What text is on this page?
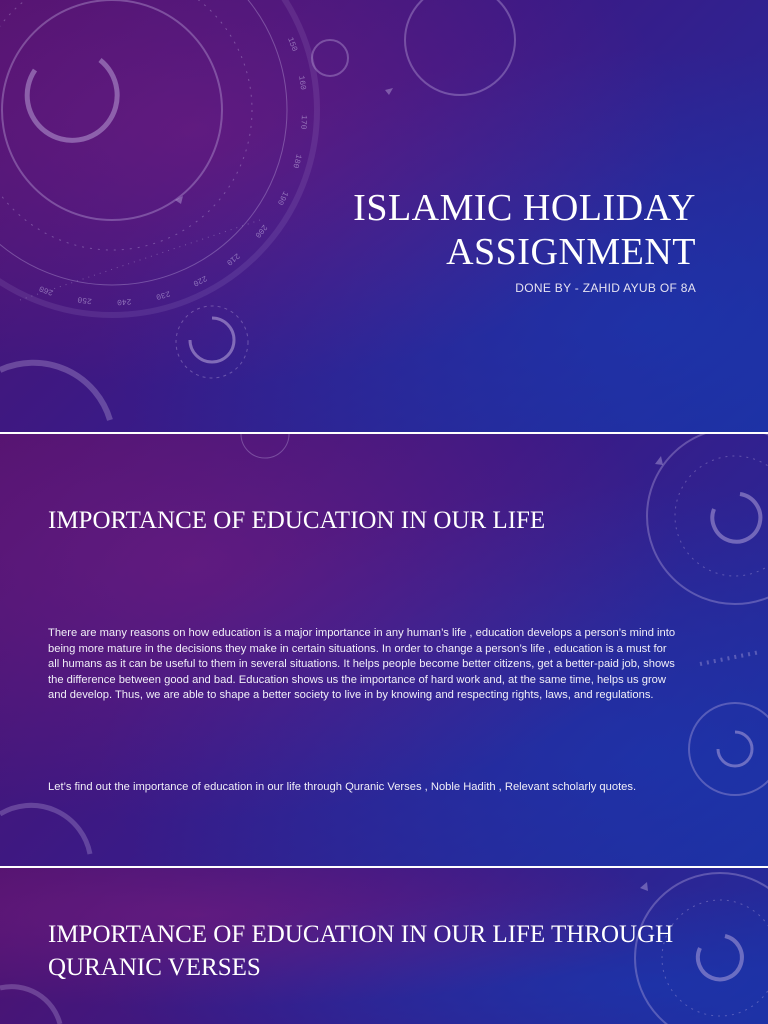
150
160
170
180
190
200
210
220
230
240
250
260
ISLAMIC HOLIDAY ASSIGNMENT
DONE BY - ZAHID AYUB OF 8A
IMPORTANCE OF EDUCATION IN OUR LIFE
There are many reasons on how education is a major importance in any human’s life , education develops a person’s mind into being more mature in the decisions they make in certain situations. In order to change a person’s life , education is a must for all humans as it can be useful to them in several situations. It helps people become better citizens, get a better-paid job, shows the difference between good and bad. Education shows us the importance of hard work and, at the same time, helps us grow and develop. Thus, we are able to shape a better society to live in by knowing and respecting rights, laws, and regulations.
Let’s find out the importance of education in our life through Quranic Verses , Noble Hadith , Relevant scholarly quotes.
IMPORTANCE OF EDUCATION IN OUR LIFE THROUGH QURANIC VERSES
